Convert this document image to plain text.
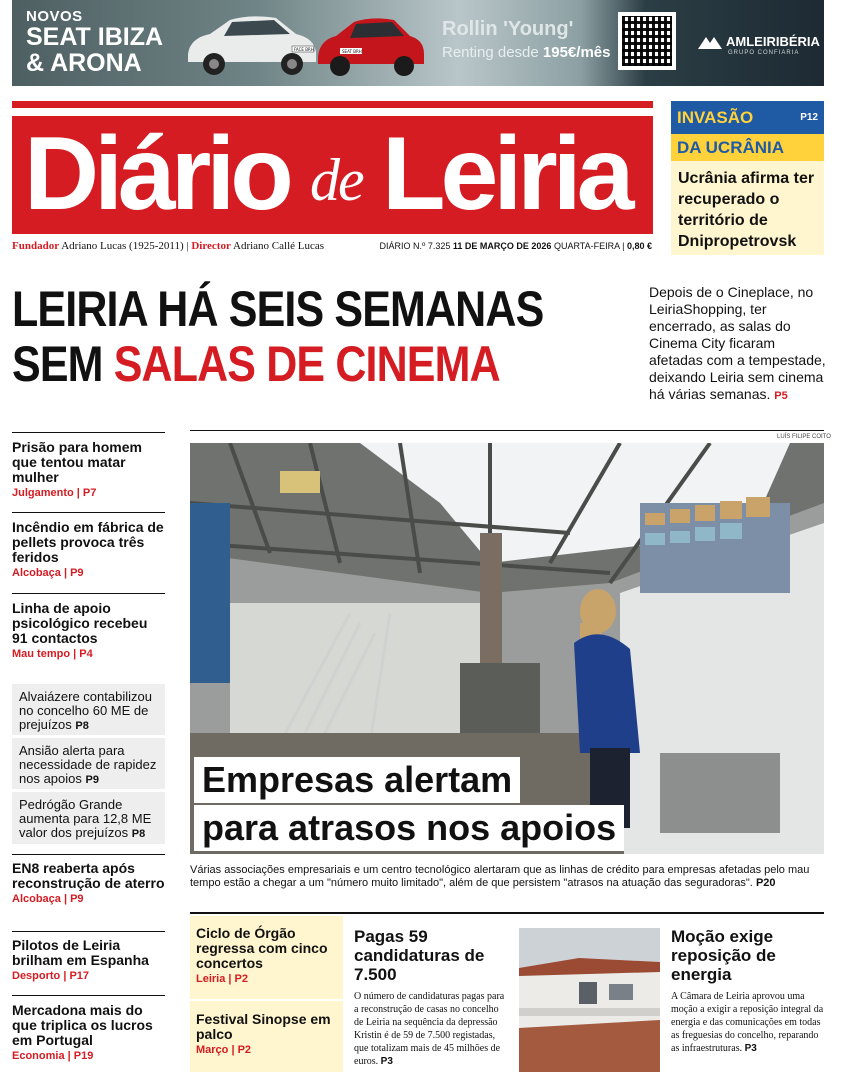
NOVOS
SEAT IBIZA
& ARONA	FACE BRH	SEAT BRH
Rollin 'Young'
Renting desde 195€/mês
AMLEIRIBÉRIA
GRUPO CONFIARIA
Diário de Leiria
Fundador Adriano Lucas (1925-2011) | Director Adriano Callé Lucas	DIÁRIO N.º 7.325 11 DE MARÇO DE 2026 QUARTA-FEIRA | 0,80 €
INVASÃO	P12
DA UCRÂNIA
Ucrânia afirma ter recuperado o território de Dnipropetrovsk
LEIRIA HÁ SEIS SEMANAS
SEM SALAS DE CINEMA
Depois de o Cineplace, no LeiriaShopping, ter encerrado, as salas do Cinema City ficaram afetadas com a tempestade, deixando Leiria sem cinema há várias semanas. P5
Prisão para homem que tentou matar mulher
Julgamento | P7
Incêndio em fábrica de pellets provoca três feridos
Alcobaça | P9
Linha de apoio psicológico recebeu 91 contactos
Mau tempo | P4

Alvaiázere contabilizou no concelho 60 ME de prejuízos P8

Ansião alerta para necessidade de rapidez nos apoios P9

Pedrógão Grande aumenta para 12,8 ME valor dos prejuízos P8

EN8 reaberta após reconstrução de aterro
Alcobaça | P9
Pilotos de Leiria brilham em Espanha
Desporto | P17
Mercadona mais do que triplica os lucros em Portugal
Economia | P19
LUÍS FILIPE COITO
Empresas alertam
para atrasos nos apoios
Várias associações empresariais e um centro tecnológico alertaram que as linhas de crédito para empresas afetadas pelo mau tempo estão a chegar a um "número muito limitado", além de que persistem "atrasos na atuação das seguradoras". P20
Ciclo de Órgão regressa com cinco concertos
Leiria | P2
Festival Sinopse em palco
Março | P2
Pagas 59 candidaturas de 7.500
O número de candidaturas pagas para a reconstrução de casas no concelho de Leiria na sequência da depressão Kristin é de 59 de 7.500 registadas, que totalizam mais de 45 milhões de euros. P3
Moção exige reposição de energia
A Câmara de Leiria aprovou uma moção a exigir a reposição integral da energia e das comunicações em todas as freguesias do concelho, reparando as infraestruturas. P3
